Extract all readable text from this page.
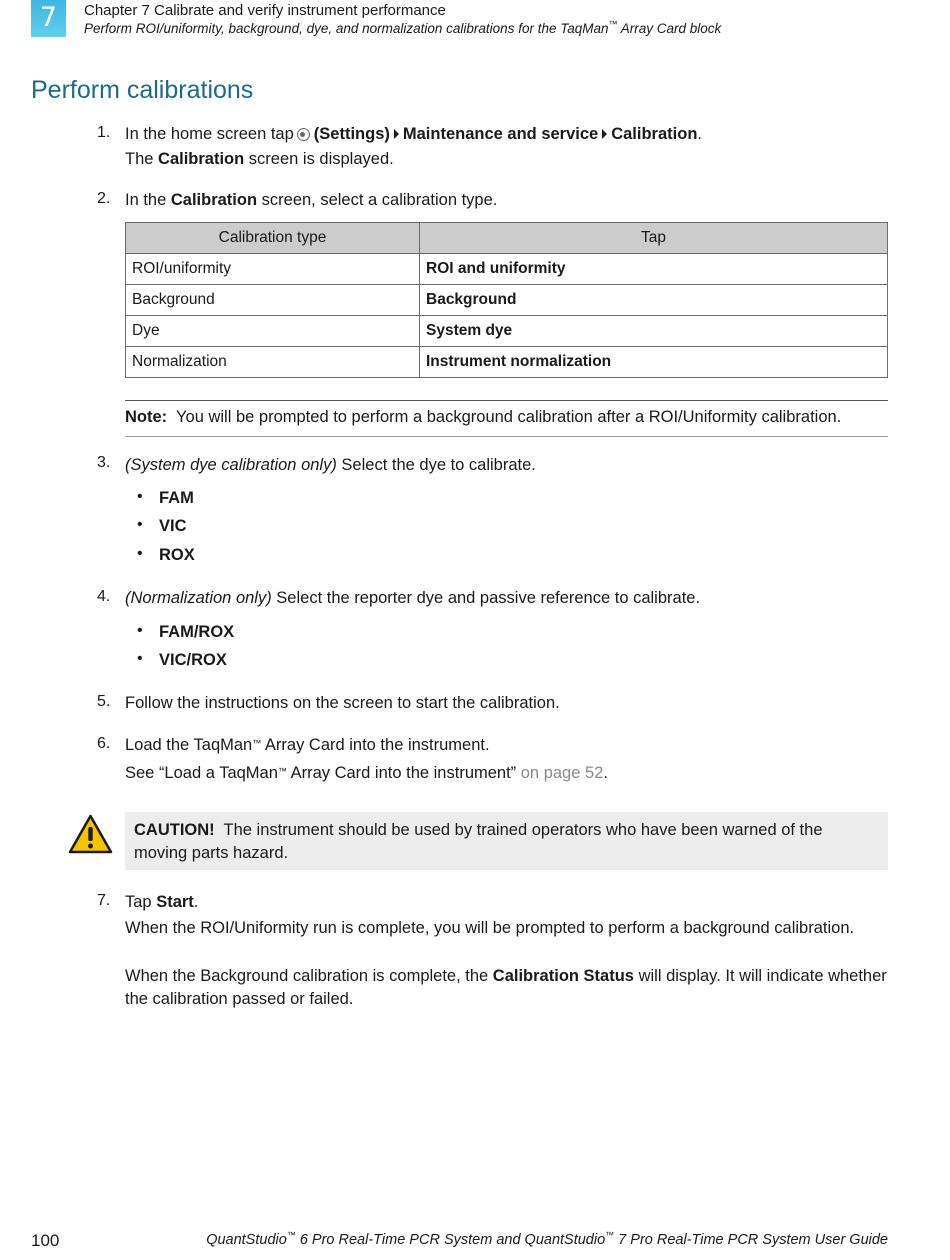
7	Chapter 7 Calibrate and verify instrument performance
Perform ROI/uniformity, background, dye, and normalization calibrations for the TaqMan™ Array Card block
Perform calibrations
1. In the home screen tap (Settings) Maintenance and service Calibration.
The Calibration screen is displayed.
2. In the Calibration screen, select a calibration type.
Calibration type	Tap
ROI/uniformity	ROI and uniformity
Background	Background
Dye	System dye
Normalization	Instrument normalization
Note: You will be prompted to perform a background calibration after a ROI/Uniformity calibration.
3. (System dye calibration only) Select the dye to calibrate.
• FAM
• VIC
• ROX
4. (Normalization only) Select the reporter dye and passive reference to calibrate.
• FAM/ROX
• VIC/ROX
5. Follow the instructions on the screen to start the calibration.
6. Load the TaqMan™ Array Card into the instrument.
See “Load a TaqMan™ Array Card into the instrument” on page 52.
CAUTION! The instrument should be used by trained operators who have been warned of the moving parts hazard.
7. Tap Start.
When the ROI/Uniformity run is complete, you will be prompted to perform a background calibration.
When the Background calibration is complete, the Calibration Status will display. It will indicate whether the calibration passed or failed.
100	QuantStudio™ 6 Pro Real-Time PCR System and QuantStudio™ 7 Pro Real-Time PCR System User Guide
